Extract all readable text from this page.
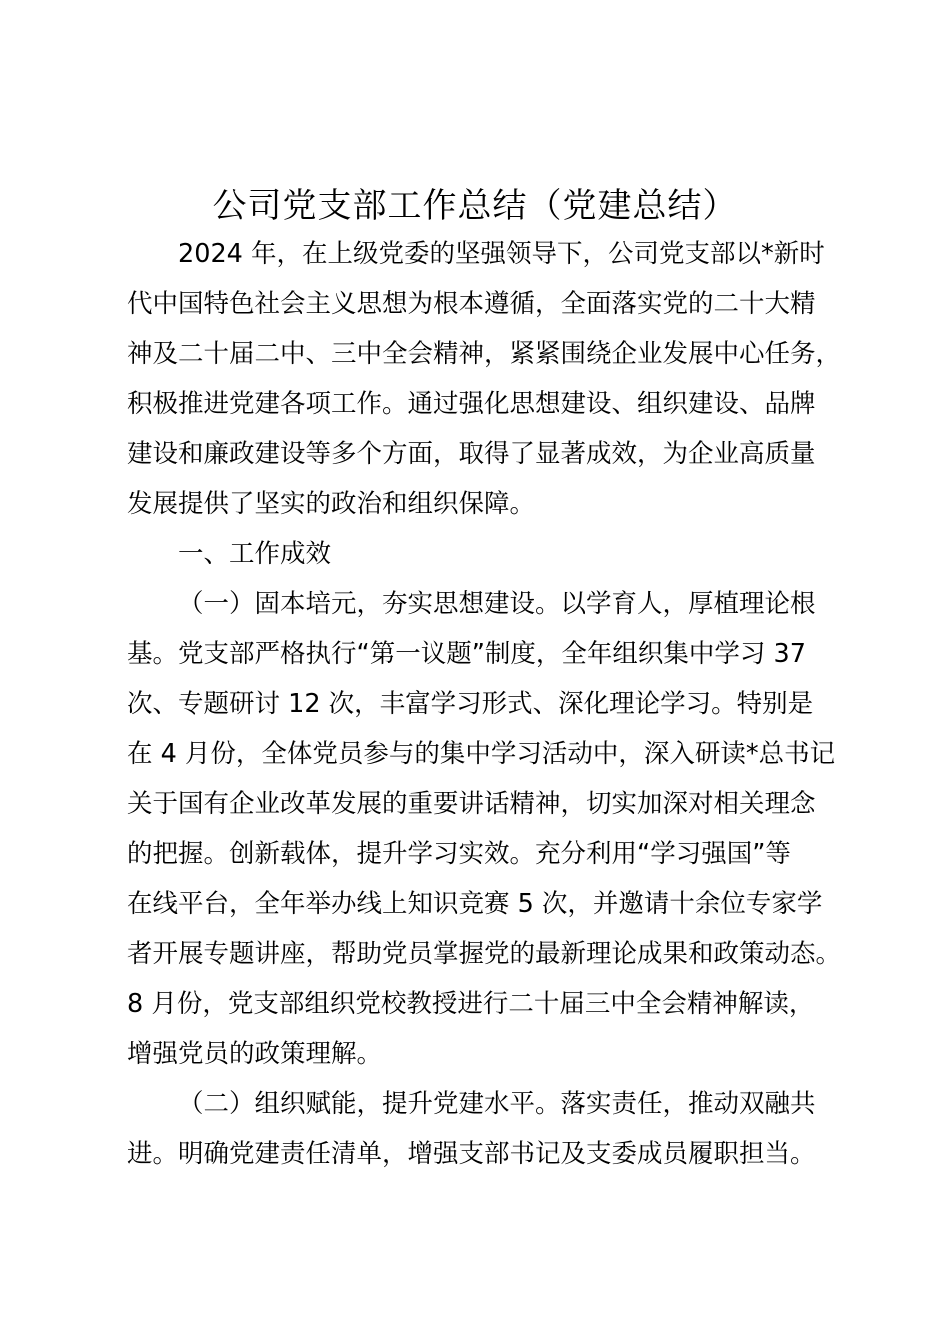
公司党支部工作总结（党建总结）
2024 年，在上级党委的坚强领导下，公司党支部以*新时
代中国特色社会主义思想为根本遵循，全面落实党的二十大精
神及二十届二中、三中全会精神，紧紧围绕企业发展中心任务，
积极推进党建各项工作。通过强化思想建设、组织建设、品牌
建设和廉政建设等多个方面，取得了显著成效，为企业高质量
发展提供了坚实的政治和组织保障。
一、工作成效
（一）固本培元，夯实思想建设。以学育人，厚植理论根
基。党支部严格执行“第一议题”制度，全年组织集中学习 37
次、专题研讨 12 次，丰富学习形式、深化理论学习。特别是
在 4 月份，全体党员参与的集中学习活动中，深入研读*总书记
关于国有企业改革发展的重要讲话精神，切实加深对相关理念
的把握。创新载体，提升学习实效。充分利用“学习强国”等
在线平台，全年举办线上知识竞赛 5 次，并邀请十余位专家学
者开展专题讲座，帮助党员掌握党的最新理论成果和政策动态。
8 月份，党支部组织党校教授进行二十届三中全会精神解读，
增强党员的政策理解。
（二）组织赋能，提升党建水平。落实责任，推动双融共
进。明确党建责任清单，增强支部书记及支委成员履职担当。
